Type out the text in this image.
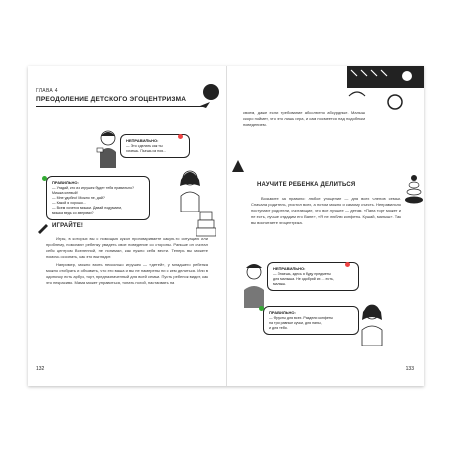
ГЛАВА 4
ПРЕОДОЛЕНИЕ ДЕТСКОГО ЭГОЦЕНТРИЗМА
НЕПРАВИЛЬНО:
— Это сделать как ты
хочешь. Пьешь из поя...
ПРАВИЛЬНО:
— Угадай, кто из игрушек будет тебя правильно?
Мишка клевый!
— Мне удобно! Можно не, дай?
— Какой я хорошо...
— Всем хочется мишки. Давай подумаем,
мишка ведь со зверями?
ИГРАЙТЕ!

Игры, в которых вы с помощью кукол проговариваете какую-то ситуацию или проблему, помогают ребенку увидеть свое поведение со стороны. Раньше он считал себя центром Вселенной, не понимал, как нужно себя вести. Теперь вы можете помочь осознать, как это выглядит.

Например, можно взять несколько игрушек — «детей», у младшего ребенка можно отобрать и объявить, что это ваша и вы не намерены ни с кем делиться. Или в одиночку есть арбуз, торт, предназначенный для всей семьи. Пусть ребенок видит, как это некрасиво. Мама может управиться, топать ногой, настаивать на

132

своем, даже если требование абсолютно абсурдные. Малыш скоро поймет, что это лишь игра, и сам посмеется над подобным поведением.

НАУЧИТЕ РЕБЕНКА ДЕЛИТЬСЯ

Возьмите за правило: любое угощение — для всех членов семьи. Сначала родитель, угостил всех, а потом можно и самому съесть. Неправильно поступают родители, считающие, что все лучшее — детям. «Папа торт может и не есть, лучше отдадим его Ване», «Я не люблю конфеты. Кушай, малыш». Так вы воспитаете эгоцентрика.

НЕПРАВИЛЬНО:
— Знаешь, здесь я буду предметы
для малыша. Не одобряй их ... есть,
малыш.
ПРАВИЛЬНО:
— Фрукты для всех. Раздели конфеты
на три равные кучки, для папы,
и для тебя.
133
